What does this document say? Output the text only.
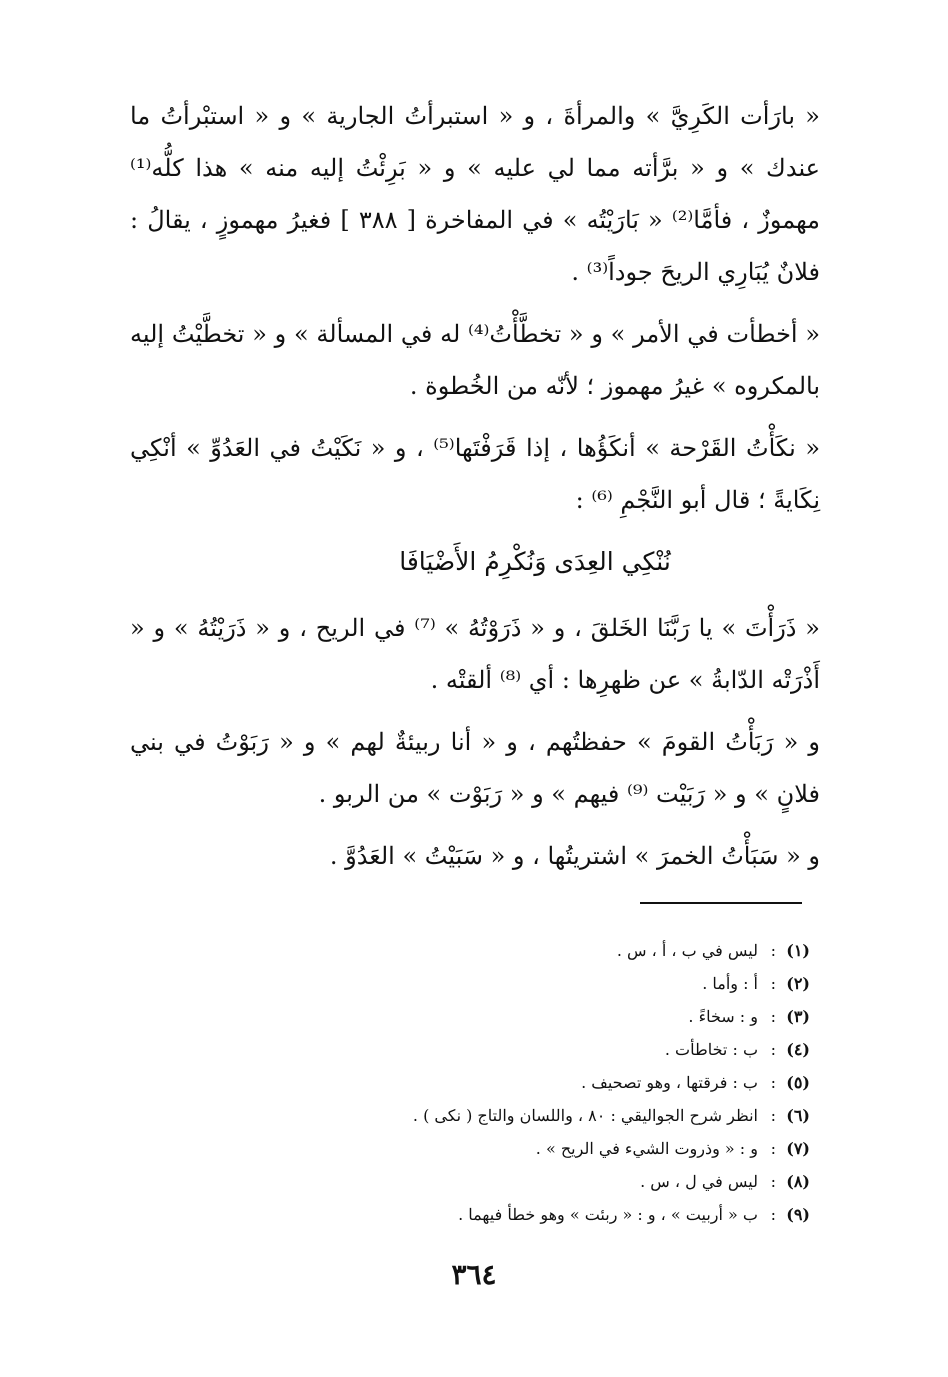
« بارَأت الكَرِيَّ » والمرأةَ ، و « استبرأتُ الجارية » و « استبْرأتُ ما عندك » و « برَّأته مما لي عليه » و « بَرِئْتُ إليه منه » هذا كلُّه⁽¹⁾ مهموزٌ ، فأمَّا⁽²⁾ « بَارَيْتُه » في المفاخرة [ ٣٨٨ ] فغيرُ مهموزٍ ، يقالُ : فلانٌ يُبَارِي الريحَ جوداً⁽³⁾ .

« أخطأت في الأمر » و « تخطَّأْتُ⁽⁴⁾ له في المسألة » و « تخطَّيْتُ إليه بالمكروه » غيرُ مهموز ؛ لأنّه من الخُطوة .

« نكَأْتُ القَرْحة » أنكَؤُها ، إذا قَرَفْتَها⁽⁵⁾ ، و « نَكَيْتُ في العَدُوِّ » أنْكِي نِكَايةً ؛ قال أبو النَّجْمِ ⁽⁶⁾ :

نُنْكِي العِدَى وَنُكْرِمُ الأَضْيَافَا

« ذَرَأْتَ » يا رَبَّنَا الخَلقَ ، و « ذَرَوْتُهُ » ⁽⁷⁾ في الريح ، و « ذَرَيْتُهُ » و « أَذْرَتْه الدّابةُ » عن ظهرِها : أي ⁽⁸⁾ ألقتْه .

و « رَبَأْتُ القومَ » حفظتُهم ، و « أنا ربيئةٌ لهم » و « رَبَوْتُ في بني فلانٍ » و « رَبَيْت ⁽⁹⁾ فيهم » و « رَبَوْت » من الربو .

و « سَبَأْتُ الخمرَ » اشتريتُها ، و « سَبَيْتُ » العَدُوَّ .

(١):ليس في ب ، أ ، س .
(٢):أ : وأما .
(٣):و : سخاءً .
(٤):ب : تخاطأت .
(٥):ب : فرقتها ، وهو تصحيف .
(٦):انظر شرح الجواليقي : ٨٠ ، واللسان والتاج ( نكى ) .
(٧):و : « وذروت الشيء في الريح » .
(٨):ليس في ل ، س .
(٩):ب « أربيت » ، و : « ربئت » وهو خطأ فيهما .
٣٦٤
